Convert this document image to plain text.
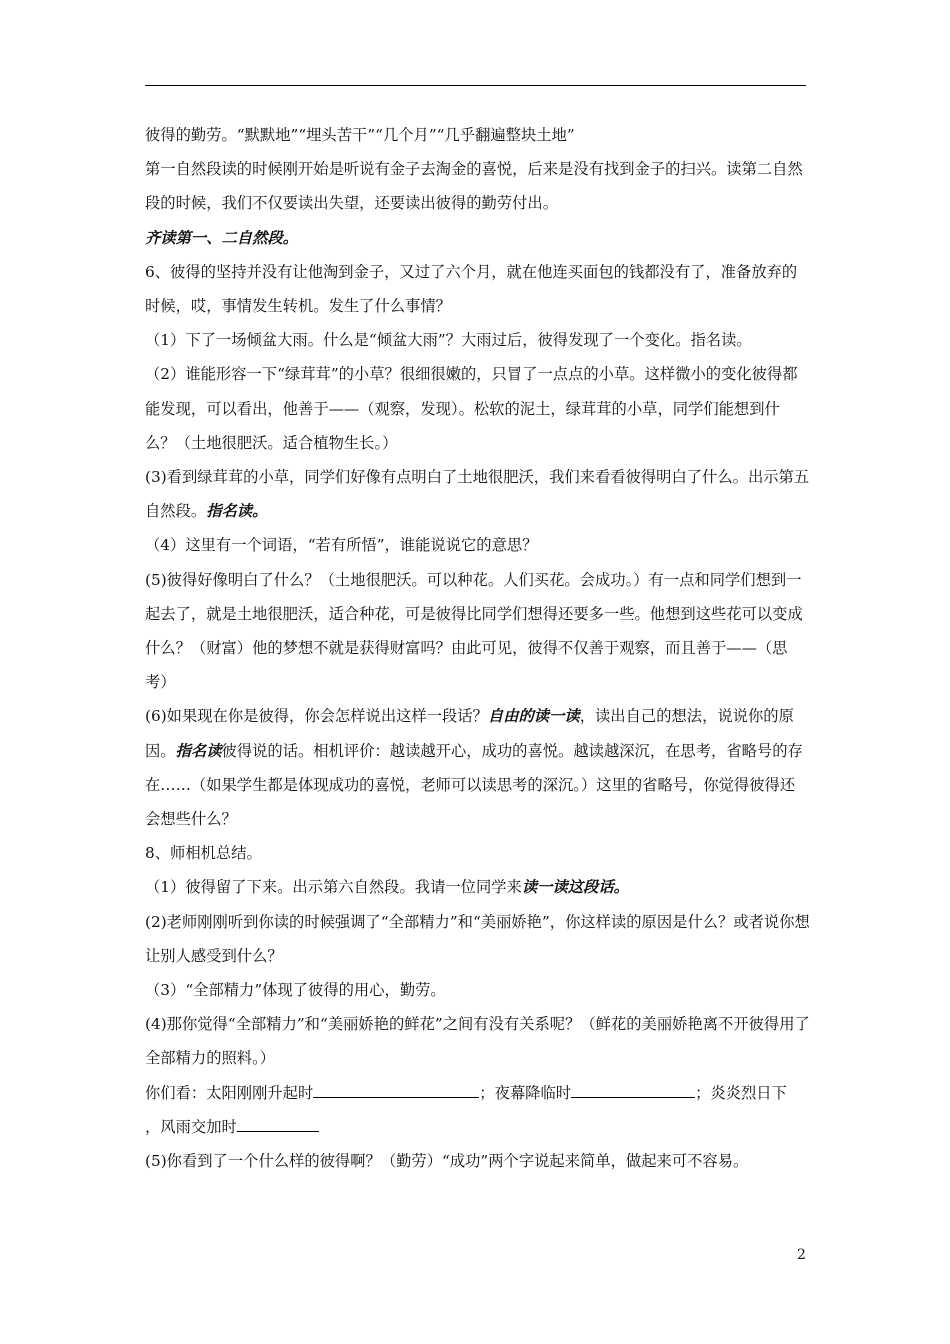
彼得的勤劳。“默默地”“埋头苦干”“几个月”“几乎翻遍整块土地”

第一自然段读的时候刚开始是听说有金子去淘金的喜悦，后来是没有找到金子的扫兴。读第二自然段的时候，我们不仅要读出失望，还要读出彼得的勤劳付出。

齐读第一、二自然段。

6、彼得的坚持并没有让他淘到金子，又过了六个月，就在他连买面包的钱都没有了，准备放弃的时候，哎，事情发生转机。发生了什么事情？

（1）下了一场倾盆大雨。什么是“倾盆大雨”？大雨过后，彼得发现了一个变化。指名读。

（2）谁能形容一下“绿茸茸”的小草？很细很嫩的，只冒了一点点的小草。这样微小的变化彼得都能发现，可以看出，他善于——（观察，发现）。松软的泥土，绿茸茸的小草，同学们能想到什么？（土地很肥沃。适合植物生长。）

(3)看到绿茸茸的小草，同学们好像有点明白了土地很肥沃，我们来看看彼得明白了什么。出示第五自然段。指名读。

（4）这里有一个词语，“若有所悟”，谁能说说它的意思？

(5)彼得好像明白了什么？（土地很肥沃。可以种花。人们买花。会成功。）有一点和同学们想到一起去了，就是土地很肥沃，适合种花，可是彼得比同学们想得还要多一些。他想到这些花可以变成什么？（财富）他的梦想不就是获得财富吗？由此可见，彼得不仅善于观察，而且善于——（思考）

(6)如果现在你是彼得，你会怎样说出这样一段话？自由的读一读，读出自己的想法，说说你的原因。指名读彼得说的话。相机评价：越读越开心，成功的喜悦。越读越深沉，在思考，省略号的存在……（如果学生都是体现成功的喜悦，老师可以读思考的深沉。）这里的省略号，你觉得彼得还会想些什么？

8、师相机总结。

（1）彼得留了下来。出示第六自然段。我请一位同学来读一读这段话。

(2)老师刚刚听到你读的时候强调了“全部精力”和“美丽娇艳”，你这样读的原因是什么？或者说你想让别人感受到什么？

（3）“全部精力”体现了彼得的用心，勤劳。

(4)那你觉得“全部精力”和“美丽娇艳的鲜花”之间有没有关系呢？（鲜花的美丽娇艳离不开彼得用了全部精力的照料。）

你们看：太阳刚刚升起时	；夜幕降临时	；炎炎烈日下
，风雨交加时

(5)你看到了一个什么样的彼得啊？（勤劳）“成功”两个字说起来简单，做起来可不容易。

2
